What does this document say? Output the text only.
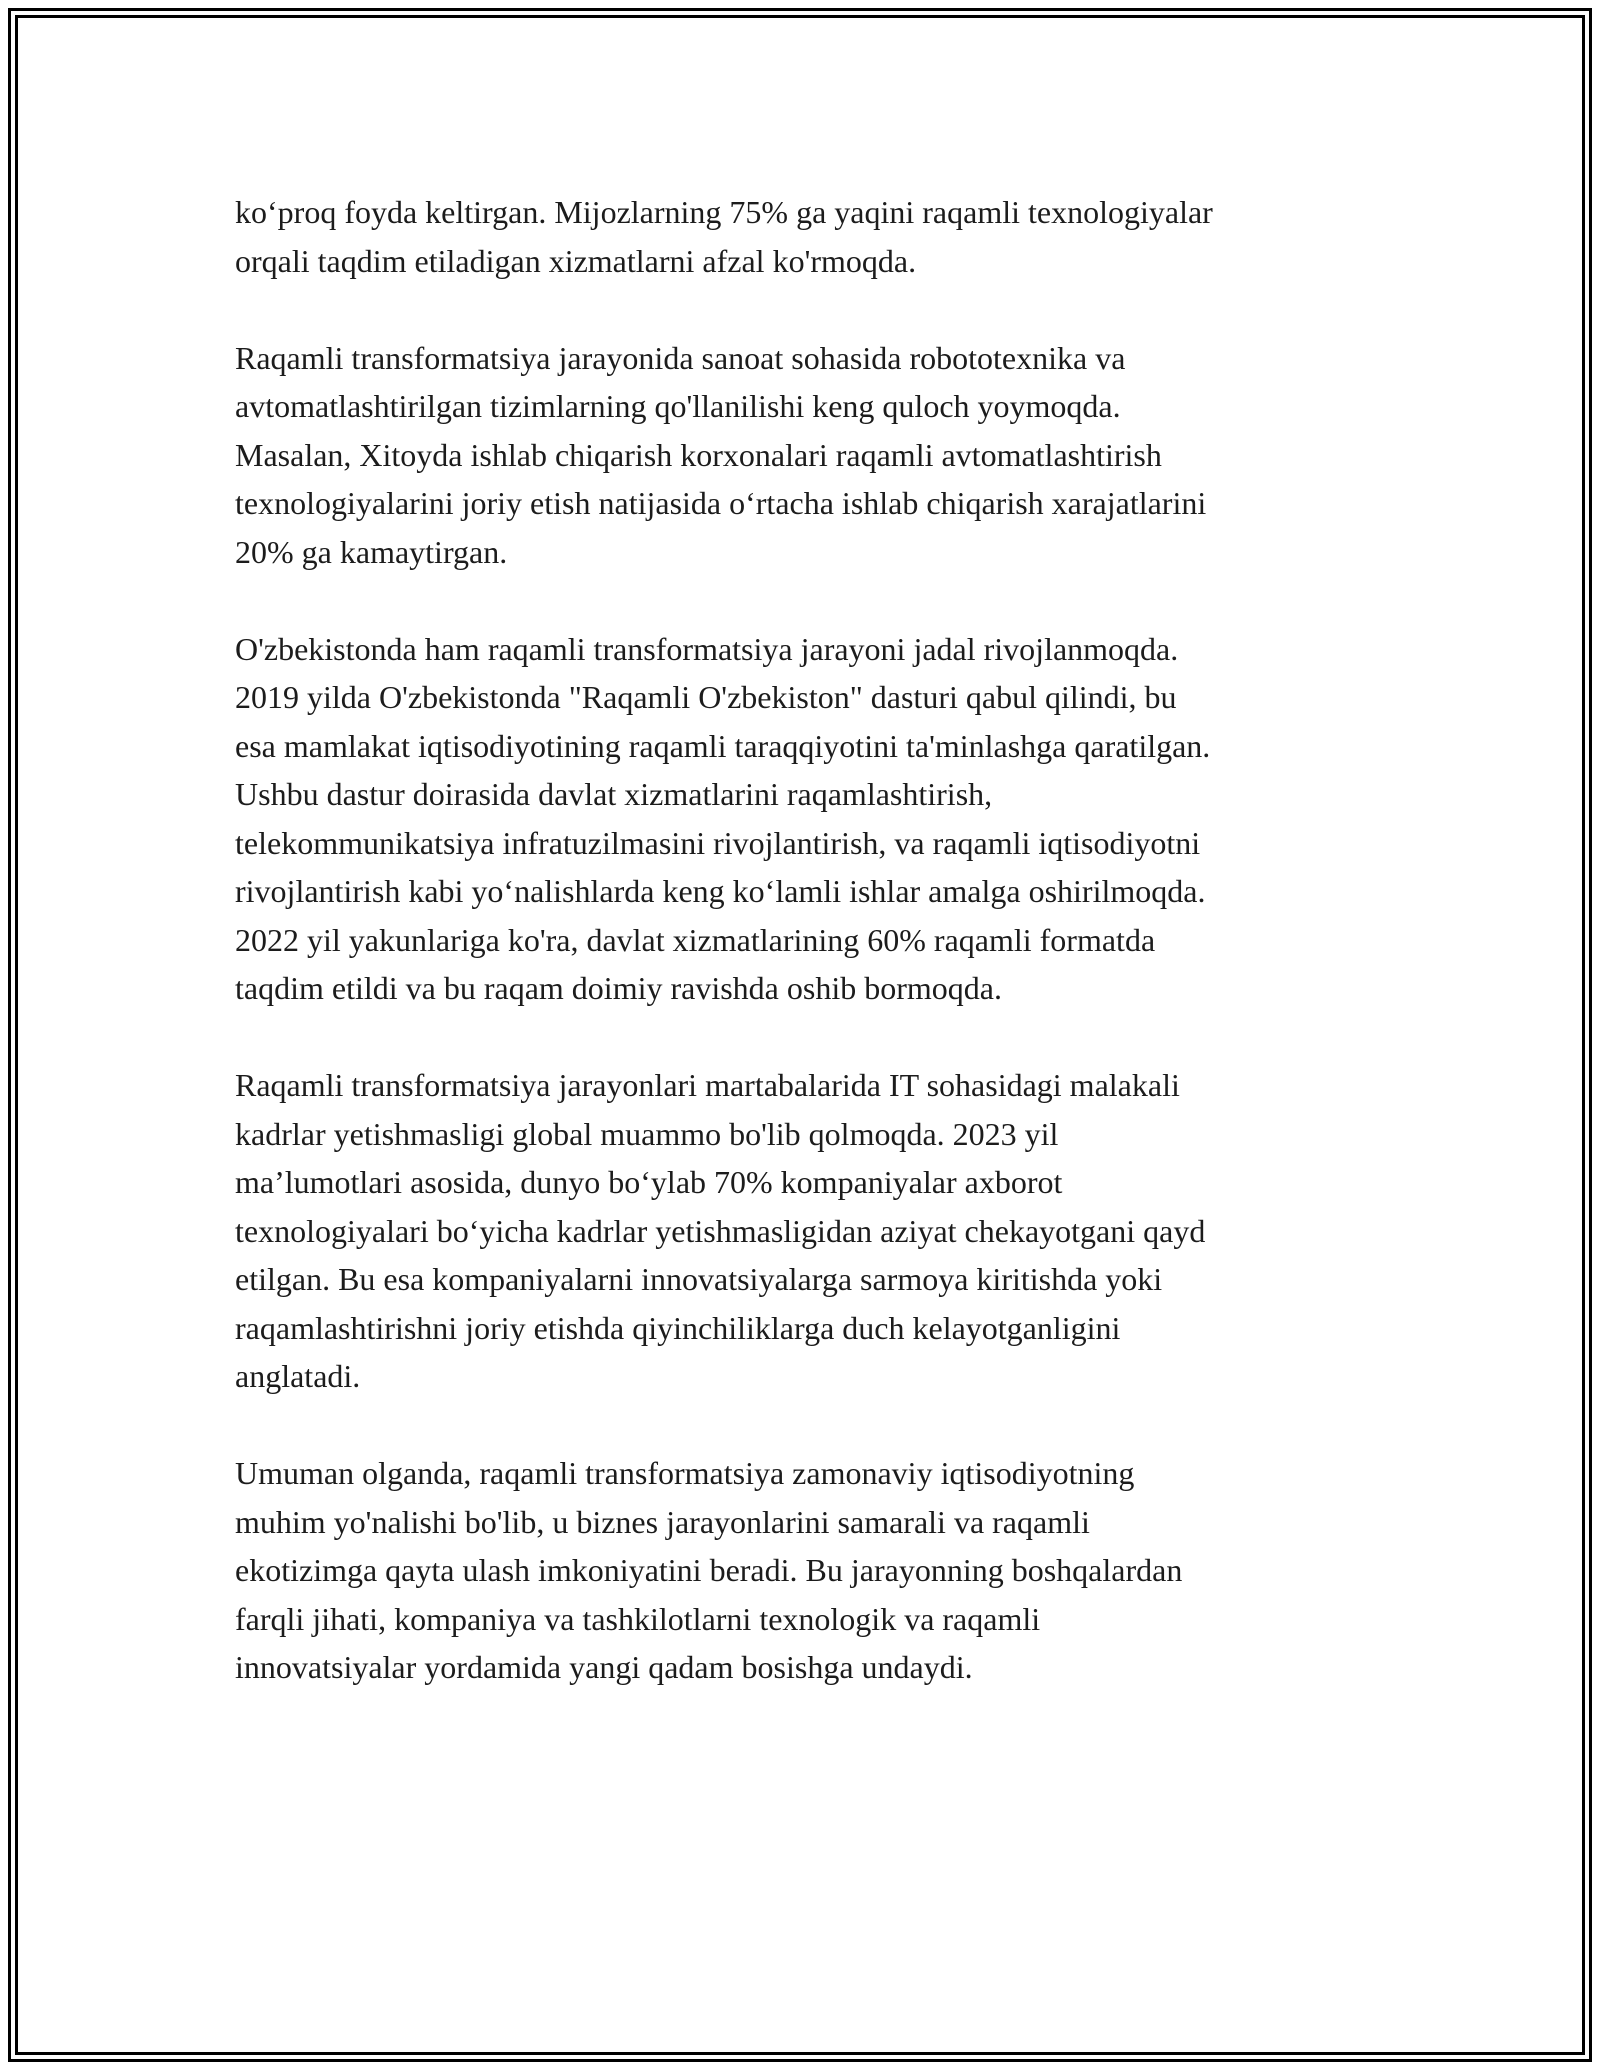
ko‘proq foyda keltirgan. Mijozlarning 75% ga yaqini raqamli texnologiyalar
orqali taqdim etiladigan xizmatlarni afzal ko'rmoqda.

Raqamli transformatsiya jarayonida sanoat sohasida robototexnika va
avtomatlashtirilgan tizimlarning qo'llanilishi keng quloch yoymoqda.
Masalan, Xitoyda ishlab chiqarish korxonalari raqamli avtomatlashtirish
texnologiyalarini joriy etish natijasida o‘rtacha ishlab chiqarish xarajatlarini
20% ga kamaytirgan.

O'zbekistonda ham raqamli transformatsiya jarayoni jadal rivojlanmoqda.
2019 yilda O'zbekistonda "Raqamli O'zbekiston" dasturi qabul qilindi, bu
esa mamlakat iqtisodiyotining raqamli taraqqiyotini ta'minlashga qaratilgan.
Ushbu dastur doirasida davlat xizmatlarini raqamlashtirish,
telekommunikatsiya infratuzilmasini rivojlantirish, va raqamli iqtisodiyotni
rivojlantirish kabi yo‘nalishlarda keng ko‘lamli ishlar amalga oshirilmoqda.
2022 yil yakunlariga ko'ra, davlat xizmatlarining 60% raqamli formatda
taqdim etildi va bu raqam doimiy ravishda oshib bormoqda.

Raqamli transformatsiya jarayonlari martabalarida IT sohasidagi malakali
kadrlar yetishmasligi global muammo bo'lib qolmoqda. 2023 yil
ma’lumotlari asosida, dunyo bo‘ylab 70% kompaniyalar axborot
texnologiyalari bo‘yicha kadrlar yetishmasligidan aziyat chekayotgani qayd
etilgan. Bu esa kompaniyalarni innovatsiyalarga sarmoya kiritishda yoki
raqamlashtirishni joriy etishda qiyinchiliklarga duch kelayotganligini
anglatadi.

Umuman olganda, raqamli transformatsiya zamonaviy iqtisodiyotning
muhim yo'nalishi bo'lib, u biznes jarayonlarini samarali va raqamli
ekotizimga qayta ulash imkoniyatini beradi. Bu jarayonning boshqalardan
farqli jihati, kompaniya va tashkilotlarni texnologik va raqamli
innovatsiyalar yordamida yangi qadam bosishga undaydi.
